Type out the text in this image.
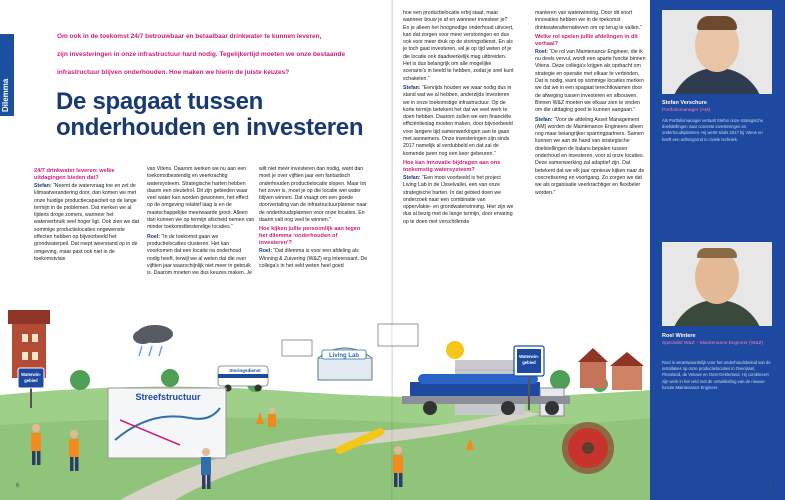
Dilemma
Om ook in de toekomst 24/7 betrouwbaar en betaalbaar drinkwater te kunnen leveren,
zijn investeringen in onze infrastructuur hard nodig. Tegelijkertijd moeten we onze bestaande
infrastructuur blijven onderhouden. Hoe maken we hierin de juiste keuzes?
De spagaat tussen
onderhouden en investeren
24/7 drinkwater leveren: welke uitdagingen bieden dat?

Stefan: “Neemt de watervraag toe en zet de klimaatverandering door, dan komen we met onze huidige productiecapaciteit op de lange termijn in de problemen. Dat merken we al tijdens droge zomers, wanneer het waterverbruik veel hoger ligt. Ook zien we dat sommige productielocaties ongewenste effecten hebben op bijvoorbeeld het grondwaterpeil. Dat roept weerstand op in de omgeving, maar past ook niet in de toekomstvisie

van Vitens. Daarom werken we nu aan een toekomstbestendig en veerkrachtig watersysteem. Strategische harten hebben daarin een sleutelrol. Dit zijn gebieden waar veel water kan worden gewonnen, het effect op de omgeving relatief laag is en de maatschappelijke meerwaarde groot. Alleen dan kunnen we op termijn afscheid nemen van minder toekomstbestendige locaties.”

Roel: “In de toekomst gaan we productielocaties clusteren. Het kan voorkomen dat een locatie na onderhoud nodig heeft, terwijl we al weten dat die over vijftien jaar waarschijnlijk niet meer in gebruik is. Daarom moeten we dus keuzes maken. Je

wilt niet méér investeren dan nodig, want dan moet je over vijftien jaar een fantastisch onderhouden productielocatie slopen. Maar tot het zover is, moet je op die locatie wel water blijven winnen. Dat vraagt om een goede doorvertaling van de infrastructuurplanner naar de onderhoudsplannen voor onze locaties. En daarin valt nog veel te winnen.”

Hoe kijken jullie persoonlijk aan tegen het dilemma ‘onderhouden of investeren’?

Roel: “Dat dilemma is voor een afdeling als Winning & Zuivering (W&Z) erg interessant. De collega's in het veld weten heel goed

6

hoe een productielocatie erbij staat, maar wanneer bouw je af en wanneer investeer je? En je alleen het hoognodige onderhoud uitvoert, kan dat zorgen voor meer verstoringen en dus ook voor meer druk op de storingsdienst. En als je toch gaat investeren, wil je op tijd weten of je die locatie ook daadwerkelijk mag uitbreiden. Het is dus belangrijk om alle mogelijke scenario's in beeld te hebben, zodat je snel kunt schakelen.”

Stefan: “Eenrijds houden we waar nodig dus in stand wat we al hebben, anderzijds investeren we in onze toekomstige infrastructuur. Op de korte termijn betekent het dat we veel werk te doen hebben. Daarom zullen we een financiële efficiëntieslag moeten maken, door bijvoorbeeld voor langere tijd samenwerkingen aan te gaan met aannemers. Onze investeringen zijn sinds 2017 namelijk al verdubbeld en dat zal de komende jaren nog een keer gebeuren.”

Hoe kan innovatie bijdragen aan ons toekomstig watersysteem?

Stefan: “Een mooi voorbeeld is het project Living Lab in de IJsselvallei, een van onze strategische harten. In dat gebied doen we onderzoek naar een combinatie van oppervlakte- en grondwaterwinning. Hier zijn we dus al bezig met de lange termijn, door ervaring op te doen met verschillende

manieren van waterwinning. Door dit soort innovaties hebben we in de toekomst drinkwateralternatieven om op terug te vallen.”

Welke rol spelen jullie afdelingen in dit verhaal?

Roel: “De rol van Maintenance Engineer, die ik nu deels vervul, wordt een aparte functie binnen Vitens. Deze collega's krijgen als opdracht om strategie en operatie met elkaar te verbinden. Dat is nodig, want op sommige locaties merken we dat we in een spagaat terechtkwamen door de afweging tussen investeren en afbouwen. Binnen W&Z moeten we elkaar zien te vinden om die uitdaging goed te kunnen aangaan.”

Stefan: “Voor de afdeling Asset Management (AM) worden de Maintenance Engineers alleen nog maar belangrijker sparringpartners. Samen kunnen we aan de hand van strategische doelstellingen de balans bepalen tussen onderhoud en investeren, voor al onze locaties. Deze samenwerking zal adaptief zijn. Dat betekent dat we elk jaar opnieuw kijken naar de concretisering en voortgang. Zo zorgen we dat we als organisatie veerkrachtiger en flexibeler worden.”

Stefan Verschure
Portfoliomanager (AM)
Als Portfoliomanager vertaalt Stefan onze strategische doelstellingen naar concrete investeringen en onderhoudsplannen. Hij werkt sinds 2017 bij Vitens en heeft een achtergrond in civiele techniek.
Roel Wintere
Specialist W&Z – Maintenance Engineer (W&Z)
Roel is verantwoordelijk voor het onderhoudsbeleid van de installaties op onze productielocaties in Overijssel, Flevoland, de Veluwe en Oost-Gelderland. Hij combineert zijn werk in het veld met de ontwikkeling van de nieuwe functie Maintenance Engineer.
Living Lab
Storingsdienst
Streefstructuur
Waterwin-
gebied
Waterwin-
gebied
7
